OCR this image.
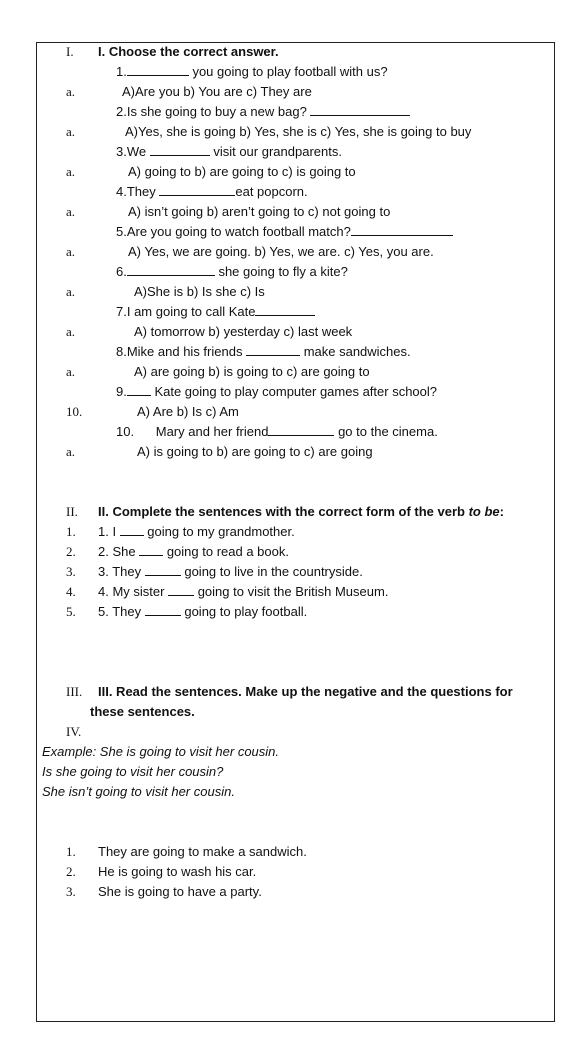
I. I. Choose the correct answer.
1.	you going to play football with us?
a.	A)Are you b) You are c) They are
2.Is she going to buy a new bag?
a.	A)Yes, she is going b) Yes, she is c) Yes, she is going to buy
3.We	visit our grandparents.
a.	A) going to b) are going to c) is going to
4.They	eat popcorn.
a.	A) isn’t going b) aren’t going to c) not going to
5.Are you going to watch football match?
a.	A) Yes, we are going. b) Yes, we are. c) Yes, you are.
6.	she going to fly a kite?
a.	A)She is b) Is she c) Is
7.I am going to call Kate
a.	A) tomorrow b) yesterday c) last week
8.Mike and his friends	make sandwiches.
a.	A) are going b) is going to c) are going to
9. Kate going to play computer games after school?
10.	A) Are b) Is c) Am
10.      Mary and her friend	go to the cinema.
a.	A) is going to b) are going to c) are going
II. II. Complete the sentences with the correct form of the verb to be:
1. 1. I  going to my grandmother.
2. 2. She  going to read a book.
3. 3. They	going to live in the countryside.
4. 4. My sister  going to visit the British Museum.
5. 5. They	going to play football.
III. III. Read the sentences. Make up the negative and the questions for
these sentences.
IV.
Example: She is going to visit her cousin.
Is she going to visit her cousin?
She isn’t going to visit her cousin.
1. They are going to make a sandwich.
2. He is going to wash his car.
3. She is going to have a party.
